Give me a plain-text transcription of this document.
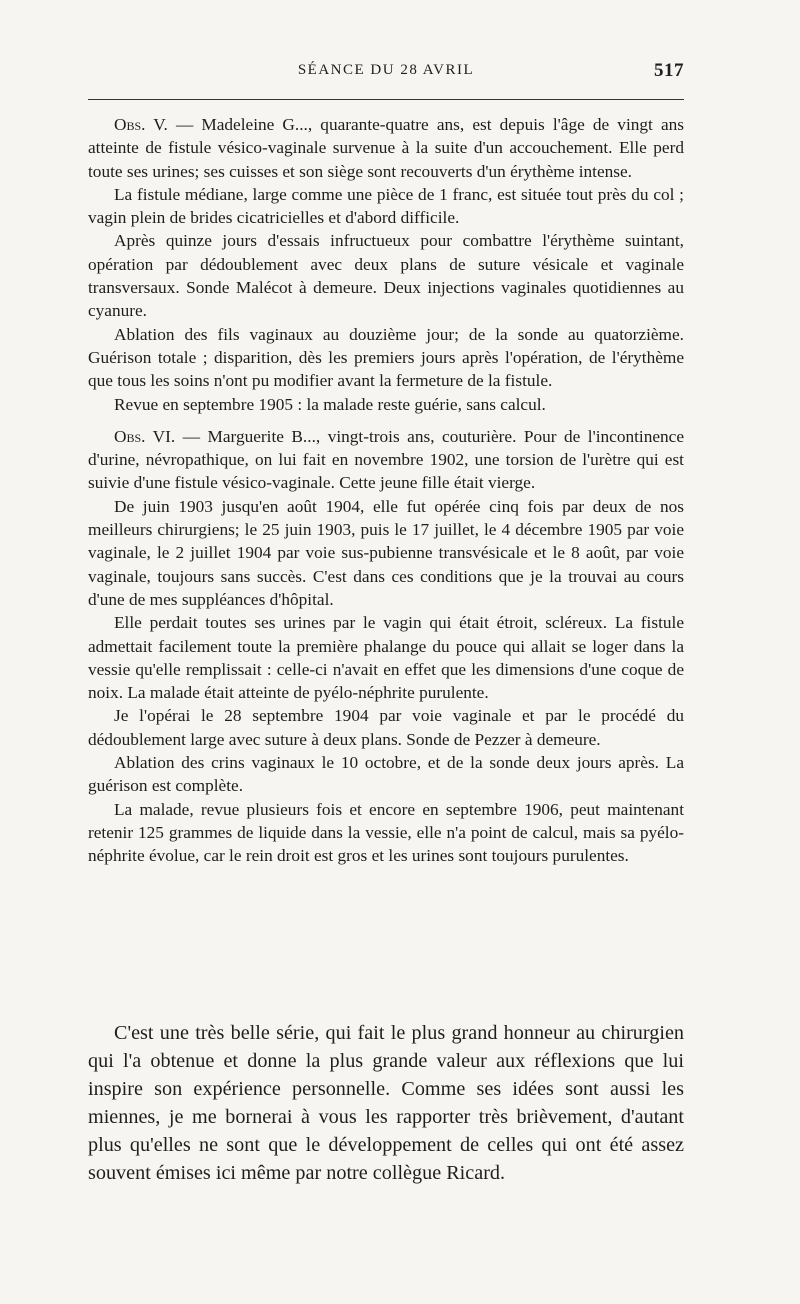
SÉANCE DU 28 AVRIL	517

Obs. V. — Madeleine G..., quarante-quatre ans, est depuis l'âge de vingt ans atteinte de fistule vésico-vaginale survenue à la suite d'un accouchement. Elle perd toute ses urines; ses cuisses et son siège sont recouverts d'un érythème intense.

La fistule médiane, large comme une pièce de 1 franc, est située tout près du col ; vagin plein de brides cicatricielles et d'abord difficile.

Après quinze jours d'essais infructueux pour combattre l'érythème suintant, opération par dédoublement avec deux plans de suture vésicale et vaginale transversaux. Sonde Malécot à demeure. Deux injections vaginales quotidiennes au cyanure.

Ablation des fils vaginaux au douzième jour; de la sonde au quatorzième. Guérison totale ; disparition, dès les premiers jours après l'opération, de l'érythème que tous les soins n'ont pu modifier avant la fermeture de la fistule.

Revue en septembre 1905 : la malade reste guérie, sans calcul.

Obs. VI. — Marguerite B..., vingt-trois ans, couturière. Pour de l'incontinence d'urine, névropathique, on lui fait en novembre 1902, une torsion de l'urètre qui est suivie d'une fistule vésico-vaginale. Cette jeune fille était vierge.

De juin 1903 jusqu'en août 1904, elle fut opérée cinq fois par deux de nos meilleurs chirurgiens; le 25 juin 1903, puis le 17 juillet, le 4 décembre 1905 par voie vaginale, le 2 juillet 1904 par voie sus-pubienne transvésicale et le 8 août, par voie vaginale, toujours sans succès. C'est dans ces conditions que je la trouvai au cours d'une de mes suppléances d'hôpital.

Elle perdait toutes ses urines par le vagin qui était étroit, scléreux. La fistule admettait facilement toute la première phalange du pouce qui allait se loger dans la vessie qu'elle remplissait : celle-ci n'avait en effet que les dimensions d'une coque de noix. La malade était atteinte de pyélo-néphrite purulente.

Je l'opérai le 28 septembre 1904 par voie vaginale et par le procédé du dédoublement large avec suture à deux plans. Sonde de Pezzer à demeure.

Ablation des crins vaginaux le 10 octobre, et de la sonde deux jours après. La guérison est complète.

La malade, revue plusieurs fois et encore en septembre 1906, peut maintenant retenir 125 grammes de liquide dans la vessie, elle n'a point de calcul, mais sa pyélo-néphrite évolue, car le rein droit est gros et les urines sont toujours purulentes.

C'est une très belle série, qui fait le plus grand honneur au chirurgien qui l'a obtenue et donne la plus grande valeur aux réflexions que lui inspire son expérience personnelle. Comme ses idées sont aussi les miennes, je me bornerai à vous les rapporter très brièvement, d'autant plus qu'elles ne sont que le développement de celles qui ont été assez souvent émises ici même par notre collègue Ricard.
